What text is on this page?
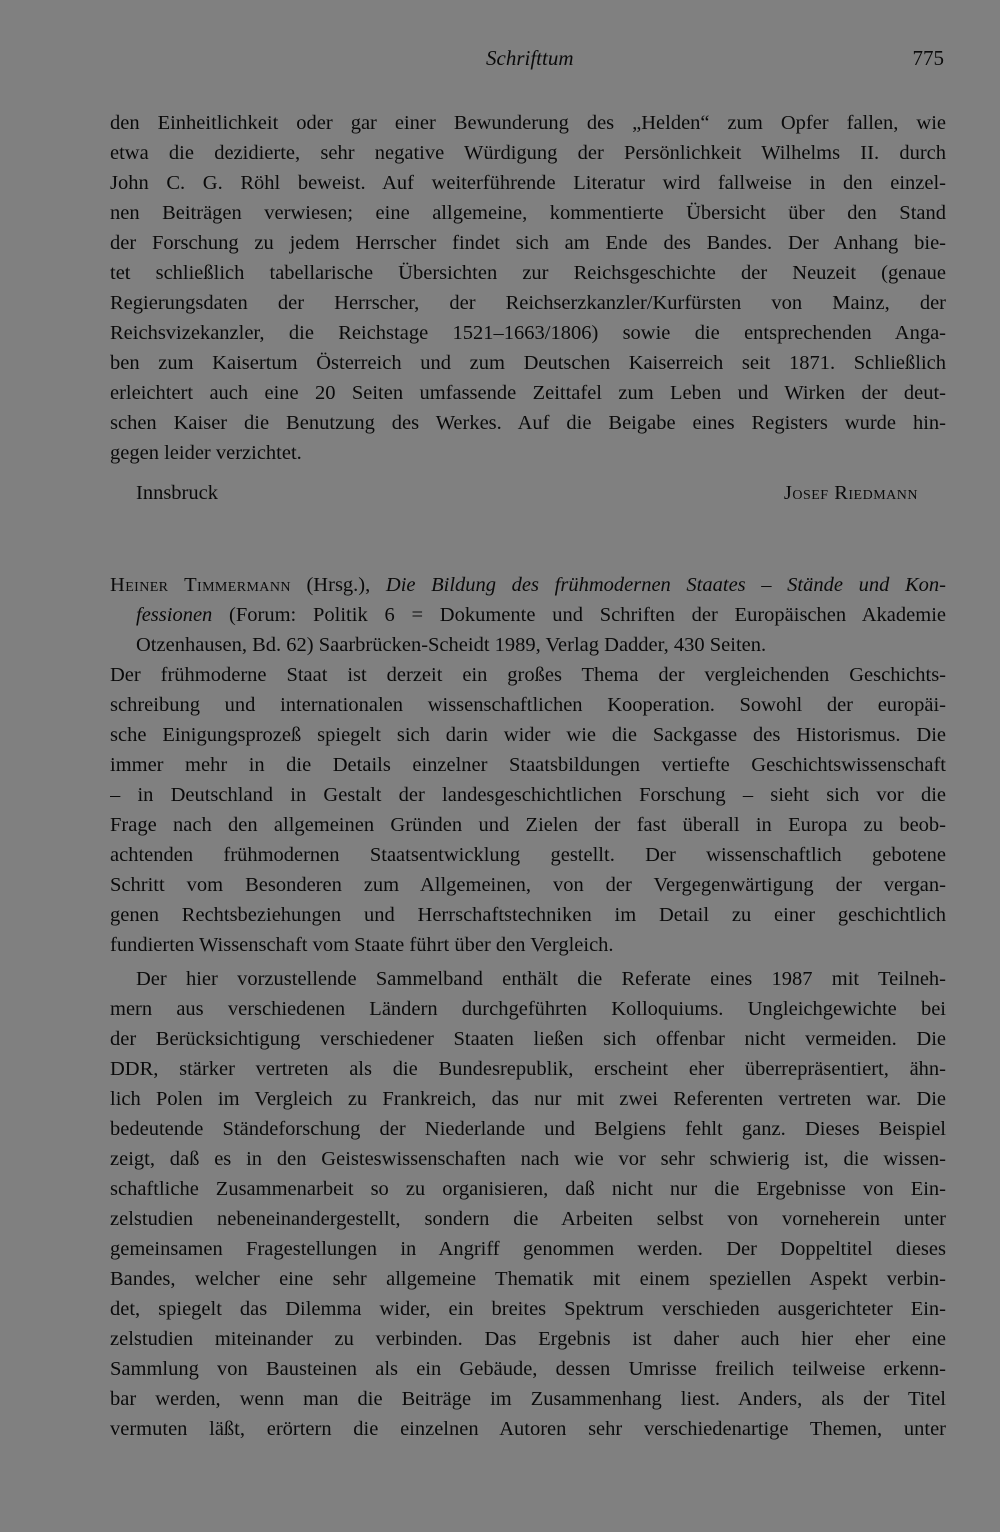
Schrifttum	775
den Einheitlichkeit oder gar einer Bewunderung des „Helden“ zum Opfer fallen, wie
etwa die dezidierte, sehr negative Würdigung der Persönlichkeit Wilhelms II. durch
John C. G. Röhl beweist. Auf weiterführende Literatur wird fallweise in den einzel-
nen Beiträgen verwiesen; eine allgemeine, kommentierte Übersicht über den Stand
der Forschung zu jedem Herrscher findet sich am Ende des Bandes. Der Anhang bie-
tet schließlich tabellarische Übersichten zur Reichsgeschichte der Neuzeit (genaue
Regierungsdaten der Herrscher, der Reichserzkanzler/Kurfürsten von Mainz, der
Reichsvizekanzler, die Reichstage 1521–1663/1806) sowie die entsprechenden Anga-
ben zum Kaisertum Österreich und zum Deutschen Kaiserreich seit 1871. Schließlich
erleichtert auch eine 20 Seiten umfassende Zeittafel zum Leben und Wirken der deut-
schen Kaiser die Benutzung des Werkes. Auf die Beigabe eines Registers wurde hin-
gegen leider verzichtet.
Innsbruck	Josef Riedmann
Heiner Timmermann (Hrsg.), Die Bildung des frühmodernen Staates – Stände und Kon-
fessionen (Forum: Politik 6 = Dokumente und Schriften der Europäischen Akademie
Otzenhausen, Bd. 62) Saarbrücken-Scheidt 1989, Verlag Dadder, 430 Seiten.
Der frühmoderne Staat ist derzeit ein großes Thema der vergleichenden Geschichts-
schreibung und internationalen wissenschaftlichen Kooperation. Sowohl der europäi-
sche Einigungsprozeß spiegelt sich darin wider wie die Sackgasse des Historismus. Die
immer mehr in die Details einzelner Staatsbildungen vertiefte Geschichtswissenschaft
– in Deutschland in Gestalt der landesgeschichtlichen Forschung – sieht sich vor die
Frage nach den allgemeinen Gründen und Zielen der fast überall in Europa zu beob-
achtenden frühmodernen Staatsentwicklung gestellt. Der wissenschaftlich gebotene
Schritt vom Besonderen zum Allgemeinen, von der Vergegenwärtigung der vergan-
genen Rechtsbeziehungen und Herrschaftstechniken im Detail zu einer geschichtlich
fundierten Wissenschaft vom Staate führt über den Vergleich.
Der hier vorzustellende Sammelband enthält die Referate eines 1987 mit Teilneh-
mern aus verschiedenen Ländern durchgeführten Kolloquiums. Ungleichgewichte bei
der Berücksichtigung verschiedener Staaten ließen sich offenbar nicht vermeiden. Die
DDR, stärker vertreten als die Bundesrepublik, erscheint eher überrepräsentiert, ähn-
lich Polen im Vergleich zu Frankreich, das nur mit zwei Referenten vertreten war. Die
bedeutende Ständeforschung der Niederlande und Belgiens fehlt ganz. Dieses Beispiel
zeigt, daß es in den Geisteswissenschaften nach wie vor sehr schwierig ist, die wissen-
schaftliche Zusammenarbeit so zu organisieren, daß nicht nur die Ergebnisse von Ein-
zelstudien nebeneinandergestellt, sondern die Arbeiten selbst von vorneherein unter
gemeinsamen Fragestellungen in Angriff genommen werden. Der Doppeltitel dieses
Bandes, welcher eine sehr allgemeine Thematik mit einem speziellen Aspekt verbin-
det, spiegelt das Dilemma wider, ein breites Spektrum verschieden ausgerichteter Ein-
zelstudien miteinander zu verbinden. Das Ergebnis ist daher auch hier eher eine
Sammlung von Bausteinen als ein Gebäude, dessen Umrisse freilich teilweise erkenn-
bar werden, wenn man die Beiträge im Zusammenhang liest. Anders, als der Titel
vermuten läßt, erörtern die einzelnen Autoren sehr verschiedenartige Themen, unter
